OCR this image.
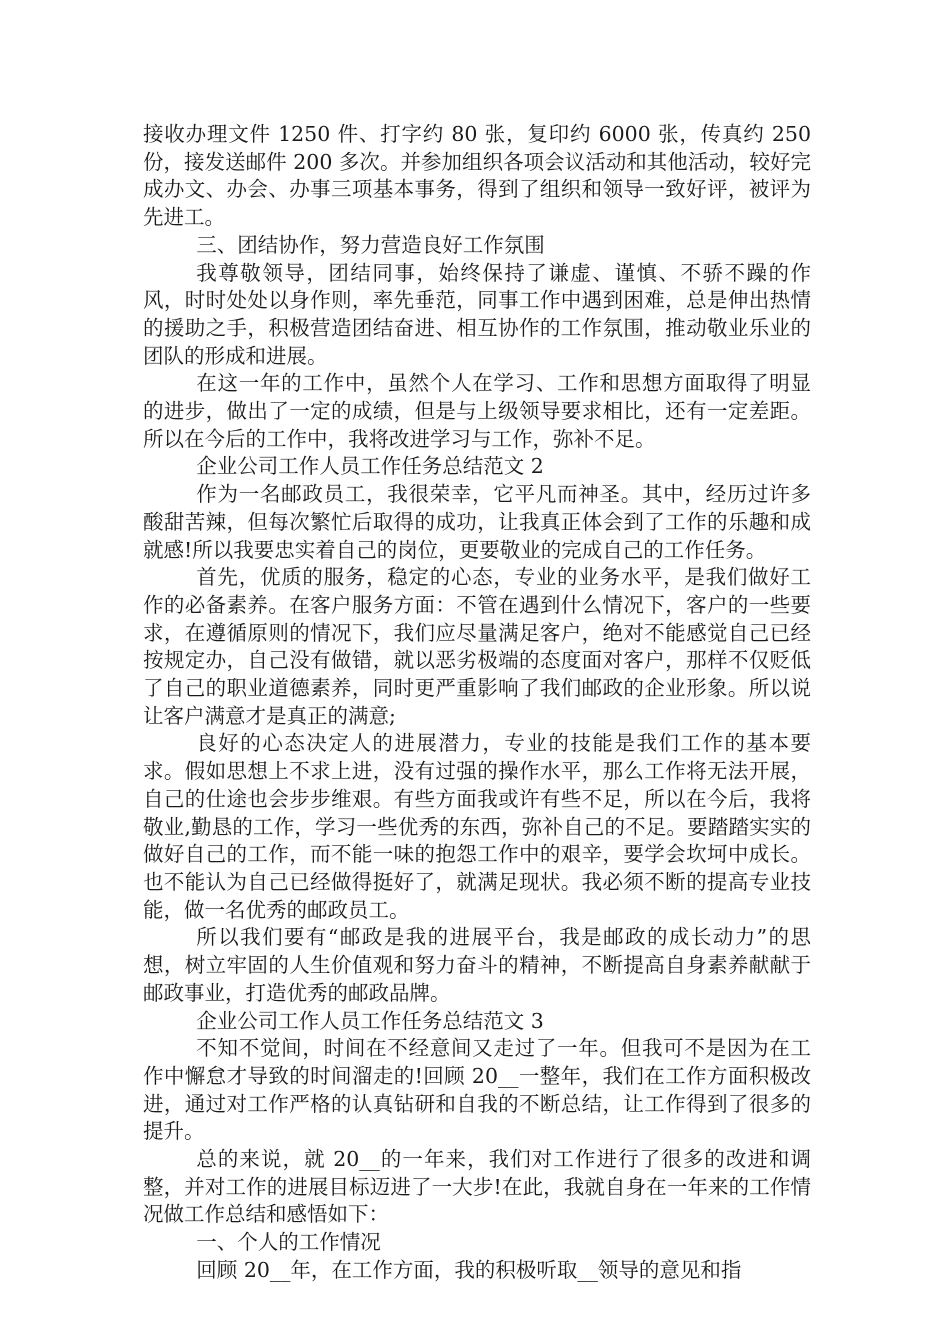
接收办理文件 1250 件、打字约 80 张，复印约 6000 张，传真约 250 份，接发送邮件 200 多次。并参加组织各项会议活动和其他活动，较好完成办文、办会、办事三项基本事务，得到了组织和领导一致好评，被评为先进工。

三、团结协作，努力营造良好工作氛围

我尊敬领导，团结同事，始终保持了谦虚、谨慎、不骄不躁的作风，时时处处以身作则，率先垂范，同事工作中遇到困难，总是伸出热情的援助之手，积极营造团结奋进、相互协作的工作氛围，推动敬业乐业的团队的形成和进展。

在这一年的工作中，虽然个人在学习、工作和思想方面取得了明显的进步，做出了一定的成绩，但是与上级领导要求相比，还有一定差距。所以在今后的工作中，我将改进学习与工作，弥补不足。

企业公司工作人员工作任务总结范文 2

作为一名邮政员工，我很荣幸，它平凡而神圣。其中，经历过许多酸甜苦辣，但每次繁忙后取得的成功，让我真正体会到了工作的乐趣和成就感!所以我要忠实着自己的岗位，更要敬业的完成自己的工作任务。

首先，优质的服务，稳定的心态，专业的业务水平，是我们做好工作的必备素养。在客户服务方面：不管在遇到什么情况下，客户的一些要求，在遵循原则的情况下，我们应尽量满足客户，绝对不能感觉自己已经按规定办，自己没有做错，就以恶劣极端的态度面对客户，那样不仅贬低了自己的职业道德素养，同时更严重影响了我们邮政的企业形象。所以说让客户满意才是真正的满意;

良好的心态决定人的进展潜力，专业的技能是我们工作的基本要求。假如思想上不求上进，没有过强的操作水平，那么工作将无法开展，自己的仕途也会步步维艰。有些方面我或许有些不足，所以在今后，我将敬业,勤恳的工作，学习一些优秀的东西，弥补自己的不足。要踏踏实实的做好自己的工作，而不能一味的抱怨工作中的艰辛，要学会坎坷中成长。也不能认为自己已经做得挺好了，就满足现状。我必须不断的提高专业技能，做一名优秀的邮政员工。

所以我们要有“邮政是我的进展平台，我是邮政的成长动力”的思想，树立牢固的人生价值观和努力奋斗的精神，不断提高自身素养献献于邮政事业，打造优秀的邮政品牌。

企业公司工作人员工作任务总结范文 3

不知不觉间，时间在不经意间又走过了一年。但我可不是因为在工作中懈怠才导致的时间溜走的!回顾 20__一整年，我们在工作方面积极改进，通过对工作严格的认真钻研和自我的不断总结，让工作得到了很多的提升。

总的来说，就 20__的一年来，我们对工作进行了很多的改进和调整，并对工作的进展目标迈进了一大步!在此，我就自身在一年来的工作情况做工作总结和感悟如下：

一、个人的工作情况

回顾 20__年，在工作方面，我的积极听取__领导的意见和指
